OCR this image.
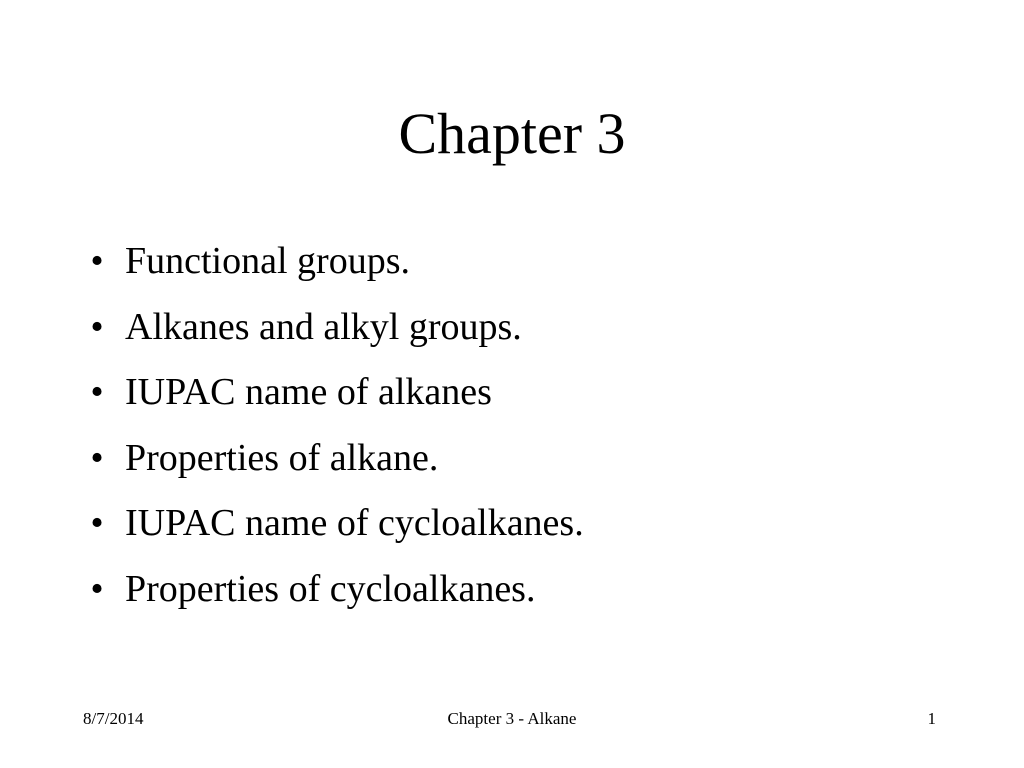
Chapter 3
• Functional groups.
• Alkanes and alkyl groups.
• IUPAC name of alkanes
• Properties of alkane.
• IUPAC name of cycloalkanes.
• Properties of cycloalkanes.
8/7/2014	Chapter 3 - Alkane	1
